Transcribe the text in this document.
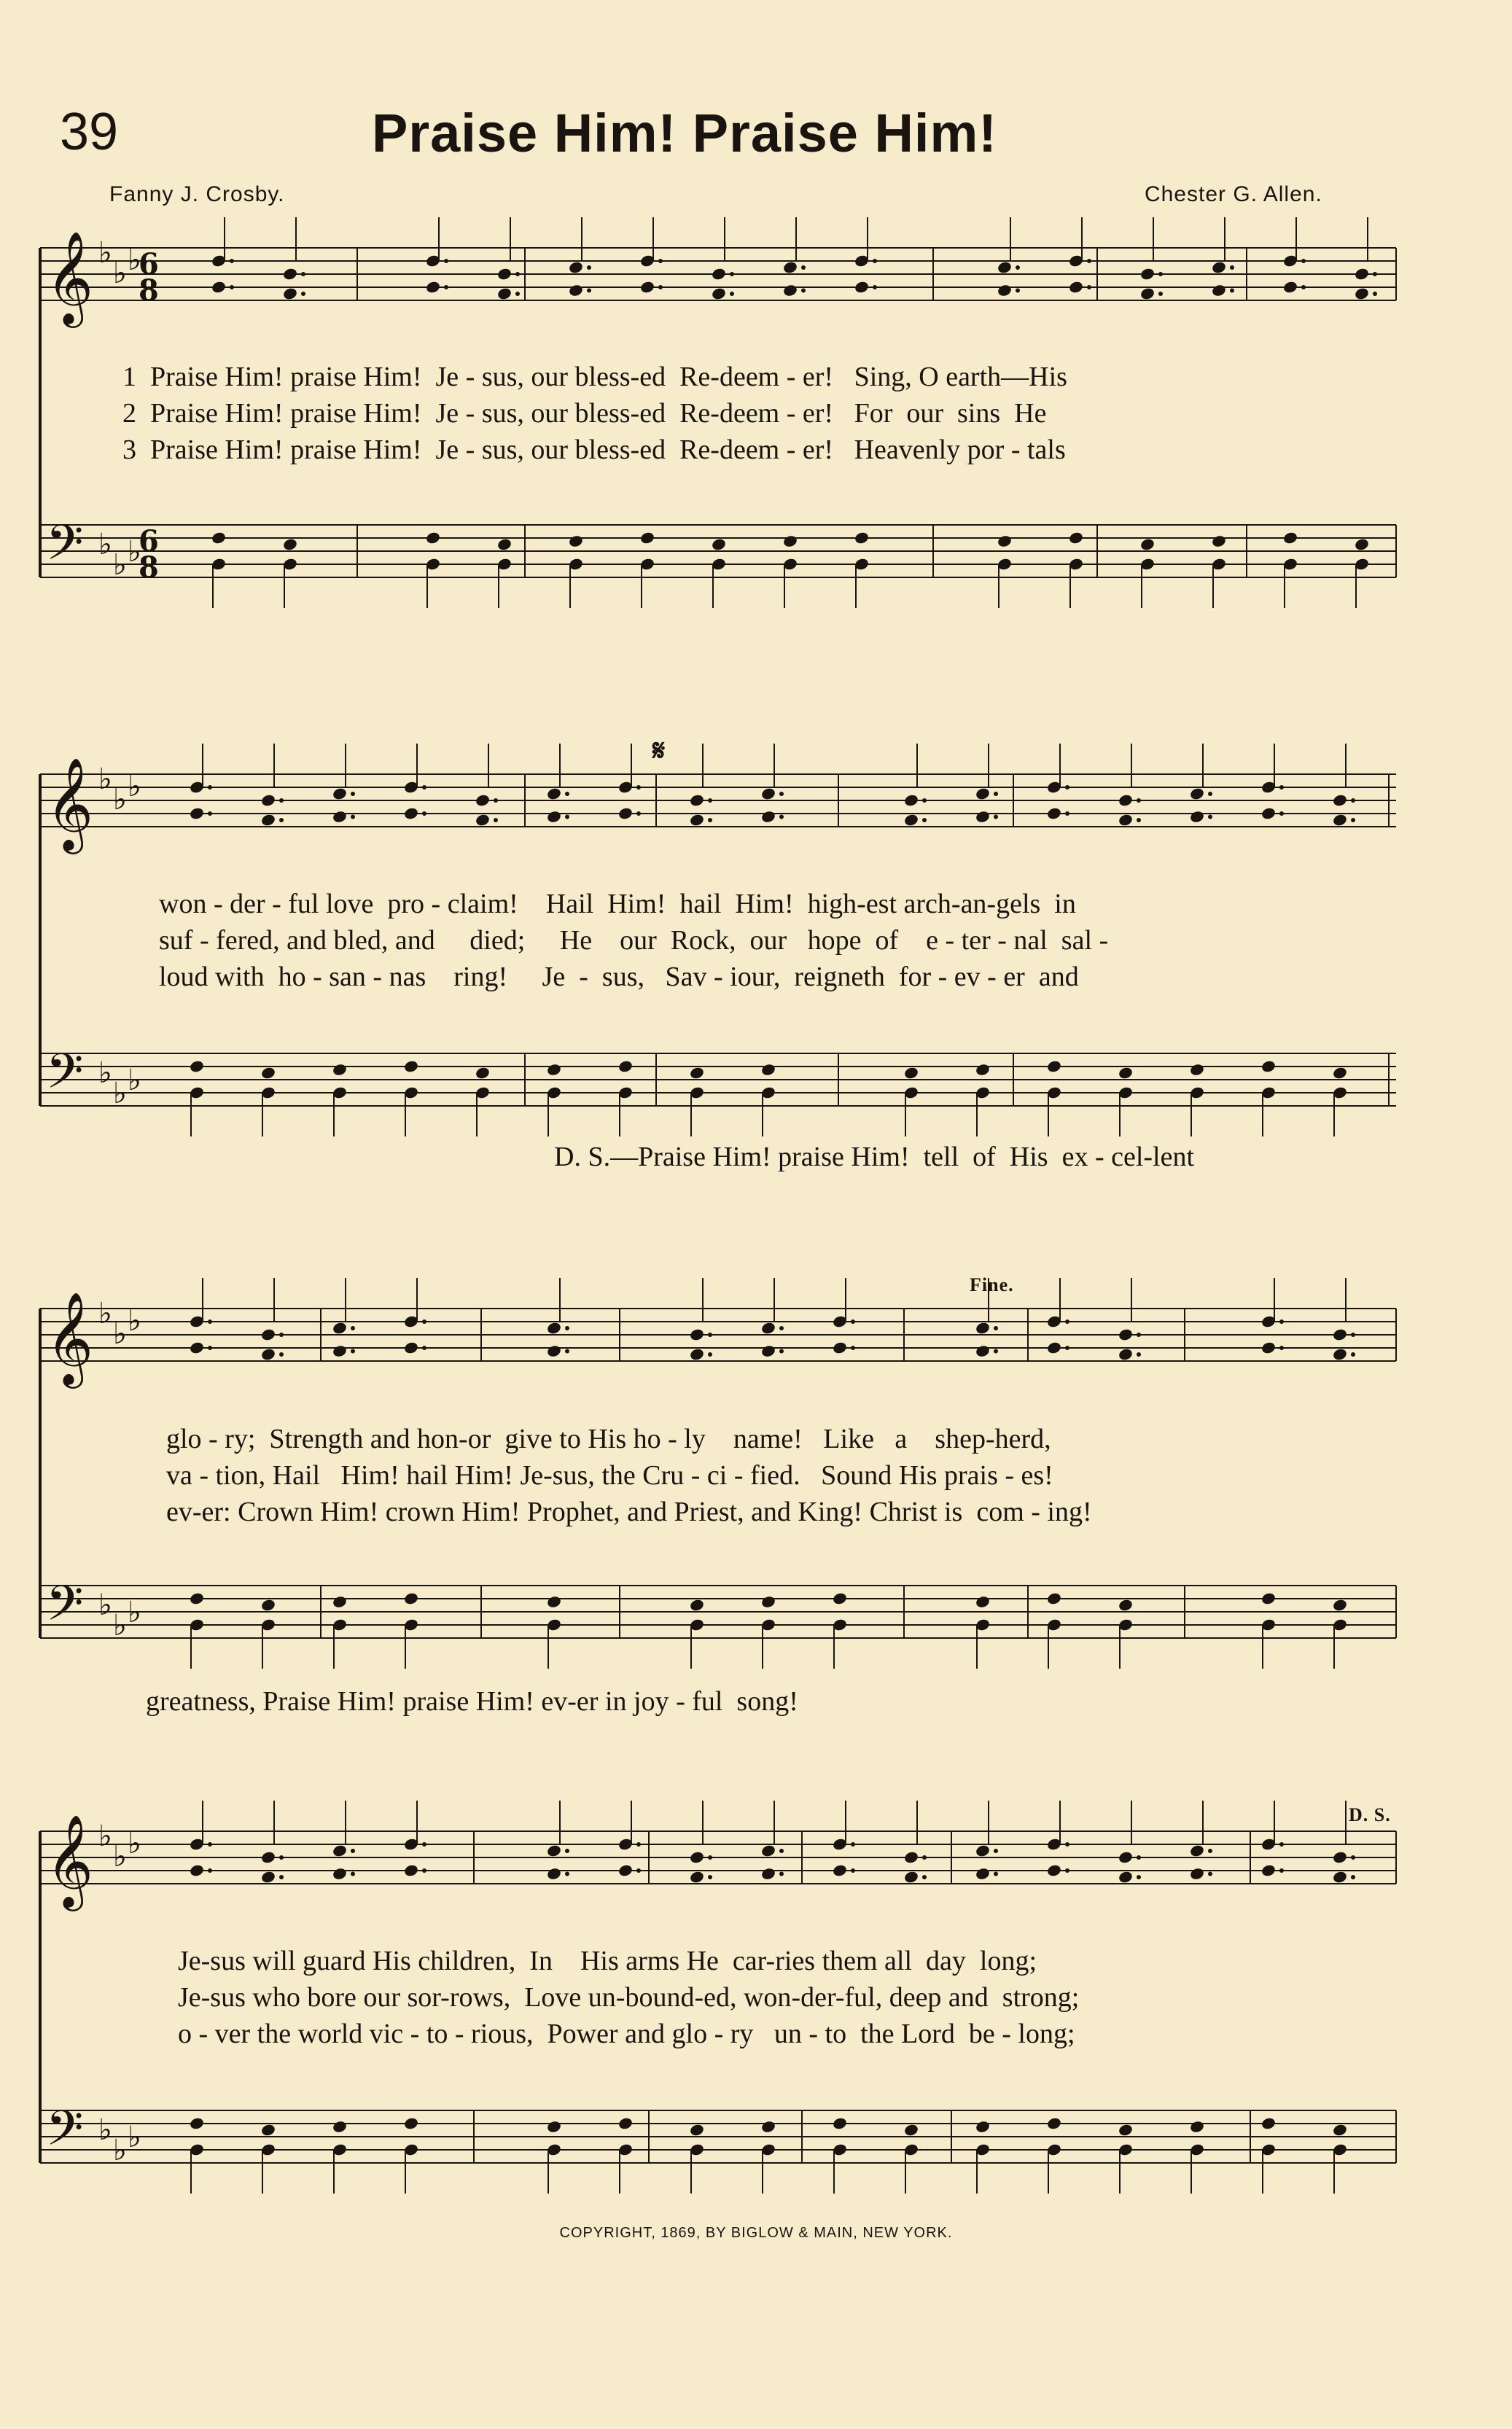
39	Praise Him! Praise Him!
Fanny J. Crosby.	Chester G. Allen.
𝄞 ♭
♭ ♭
𝄢 ♭
♭ ♭
𝄞 ♭
♭ ♭
𝄢 ♭
♭ ♭
𝄞 ♭
♭ ♭
𝄢 ♭
♭ ♭
𝄞 ♭
♭ ♭
𝄢 ♭
♭ ♭
6
8
6
8
1  Praise Him! praise Him!  Je - sus, our bless-ed  Re-deem - er!   Sing, O earth—His
2  Praise Him! praise Him!  Je - sus, our bless-ed  Re-deem - er!   For  our  sins  He
3  Praise Him! praise Him!  Je - sus, our bless-ed  Re-deem - er!   Heavenly por - tals
won - der - ful love  pro - claim!    Hail  Him!  hail  Him!  high-est arch-an-gels  in
suf - fered, and bled, and     died;     He    our  Rock,  our   hope  of    e - ter - nal  sal -
loud with  ho - san - nas    ring!     Je  -  sus,   Sav - iour,  reigneth  for - ev - er  and
D. S.—Praise Him! praise Him!  tell  of  His  ex - cel-lent
𝄋
glo - ry;  Strength and hon-or  give to His ho - ly    name!   Like   a    shep-herd,
va - tion, Hail   Him! hail Him! Je-sus, the Cru - ci - fied.   Sound His prais - es!
ev-er: Crown Him! crown Him! Prophet, and Priest, and King! Christ is  com - ing!
greatness, Praise Him! praise Him! ev-er in joy - ful  song!
Fine.
Je-sus will guard His children,  In    His arms He  car-ries them all  day  long;
Je-sus who bore our sor-rows,  Love un-bound-ed, won-der-ful, deep and  strong;
o - ver the world vic - to - rious,  Power and glo - ry   un - to  the Lord  be - long;
D. S.
COPYRIGHT, 1869, BY BIGLOW & MAIN, NEW YORK.
